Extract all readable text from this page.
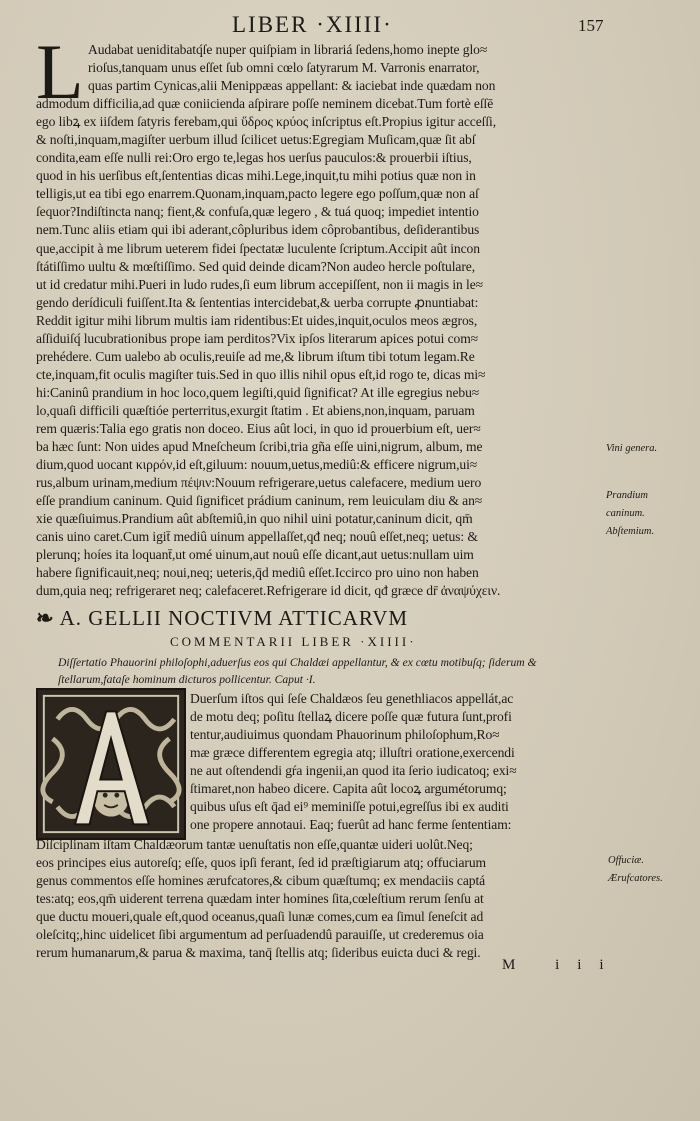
LIBER ·XIIII·	157
L Audabat ueniditabatq́ſe nuper quiſpiam in librariá ſedens,homo inepte glo≈
rioſus,tanquam unus eſſet ſub omni cœlo ſatyrarum M. Varronis enarrator,
quas partim Cynicas,alii Menippæas appellant: & iaciebat inde quædam non
admodum difficilia,ad quæ coniicienda aſpirare poſſe neminem dicebat.Tum fortè eſſē
ego libꝝ ex iiſdem ſatyris ferebam,qui ὕδρος κρύος inſcriptus eſt.Propius igitur acceſſi,
& noſti,inquam,magiſter uerbum illud ſcilicet uetus:Egregiam Muſicam,quæ ſit abſ
condita,eam eſſe nulli rei:Oro ergo te,legas hos uerſus pauculos:& prouerbii iſtius,
quod in his uerſibus eſt,ſententias dicas mihi.Lege,inquit,tu mihi potius quæ non in
telligis,ut ea tibi ego enarrem.Quonam,inquam,pacto legere ego poſſum,quæ non aſ
ſequor?Indiſtincta nanq; fient,& confuſa,quæ legero , & tuá quoq; impediet intentio
nem.Tunc aliis etiam qui ibi aderant,côpluribus idem côprobantibus, deſiderantibus
que,accipit à me librum ueterem fidei ſpectatæ luculente ſcriptum.Accipit aût incon
ſtátiſſimo uultu & mœſtiſſimo. Sed quid deinde dicam?Non audeo hercle poſtulare,
ut id credatur mihi.Pueri in ludo rudes,ſi eum librum accepiſſent, non ii magis in le≈
gendo derídiculi fuiſſent.Ita & ſententias intercidebat,& uerba corrupte ꝓnuntiabat:
Reddit igitur mihi librum multis iam ridentibus:Et uides,inquit,oculos meos ægros,
aſſiduiſq́ lucubrationibus prope iam perditos?Vix ipſos literarum apices potui com≈
prehédere. Cum ualebo ab oculis,reuiſe ad me,& librum iſtum tibi totum legam.Re
cte,inquam,fit oculis magiſter tuis.Sed in quo illis nihil opus eſt,id rogo te, dicas mi≈
hi:Caninû prandium in hoc loco,quem legiſti,quid ſignificat? At ille egregius nebu≈
lo,quaſi difficili quæſtióe perterritus,exurgit ſtatim . Et abiens,non,inquam, paruam
rem quæris:Talia ego gratis non doceo. Eius aût loci, in quo id prouerbium eſt, uer≈
ba hæc ſunt: Non uides apud Mneſcheum ſcribi,tria gña eſſe uini,nigrum, album, me
dium,quod uocant κιρρόν,id eſt,giluum: nouum,uetus,mediû:& efficere nigrum,ui≈
rus,album urinam,medium πέψιν:Nouum refrigerare,uetus calefacere, medium uero
eſſe prandium caninum. Quid ſignificet prádium caninum, rem leuiculam diu & an≈
xie quæſiuimus.Prandium aût abſtemiû,in quo nihil uini potatur,caninum dicit, qm̄
canis uino caret.Cum igit̄ mediû uinum appellaſſet,qđ neq; nouû eſſet,neq; uetus: &
plerunq; hoíes ita loquant̄,ut omé uinum,aut nouû eſſe dicant,aut uetus:nullam uim
habere ſignificauit,neq; noui,neq; ueteris,q̄d mediû eſſet.Iccirco pro uino non haben
dum,quia neq; refrigeraret neq; calefaceret.Refrigerare id dicit, qđ græce dr̄ ἀναψύχειν.
Vini genera.
Prandium
caninum.
Abſtemium.
❧ A. GELLII NOCTIVM ATTICARVM
COMMENTARII LIBER ·XIIII·
Diſſertatio Phauorini philoſophi,aduerſus eos qui Chaldæi appellantur, & ex cœtu motibuſq; ſiderum &
ſtellarum,fataſe hominum dicturos pollicentur. Caput ·I.
Duerſum iſtos qui ſeſe Chaldæos ſeu genethliacos appellát,ac
de motu deq; poſitu ſtellaꝝ dicere poſſe quæ futura ſunt,profi
tentur,audiuimus quondam Phauorinum philoſophum,Ro≈
mæ græce differentem egregia atq; illuſtri oratione,exercendi
ne aut oſtendendi gŕa ingenii,an quod ita ſerio iudicatoq; exi≈
ſtimaret,non habeo dicere. Capita aût locoꝝ argumétorumq;
quibus uſus eſt q̄ad ei⁹ meminiſſe potui,egreſſus ibi ex auditi
one propere annotaui. Eaq; fuerût ad hanc ferme ſententiam:
Diſciplinam iſtam Chaldæorum tantæ uenuſtatis non eſſe,quantæ uideri uolût.Neq;
eos principes eius autoreſq; eſſe, quos ipſi ferant, ſed id præſtigiarum atq; offuciarum
genus commentos eſſe homines ærufcatores,& cibum quæſtumq; ex mendaciis captá
tes:atq; eos,qm̄ uiderent terrena quædam inter homines ſita,cœleſtium rerum ſenſu at
que ductu moueri,quale eſt,quod oceanus,quaſi lunæ comes,cum ea ſimul ſeneſcit ad
oleſcitq;,hinc uidelicet ſibi argumentum ad perſuadendû parauiſſe, ut crederemus oia
rerum humanarum,& parua & maxima, tanq̄ ſtellis atq; ſideribus euicta duci & regi.
Offuciæ.
Ærufcatores.
M iii
